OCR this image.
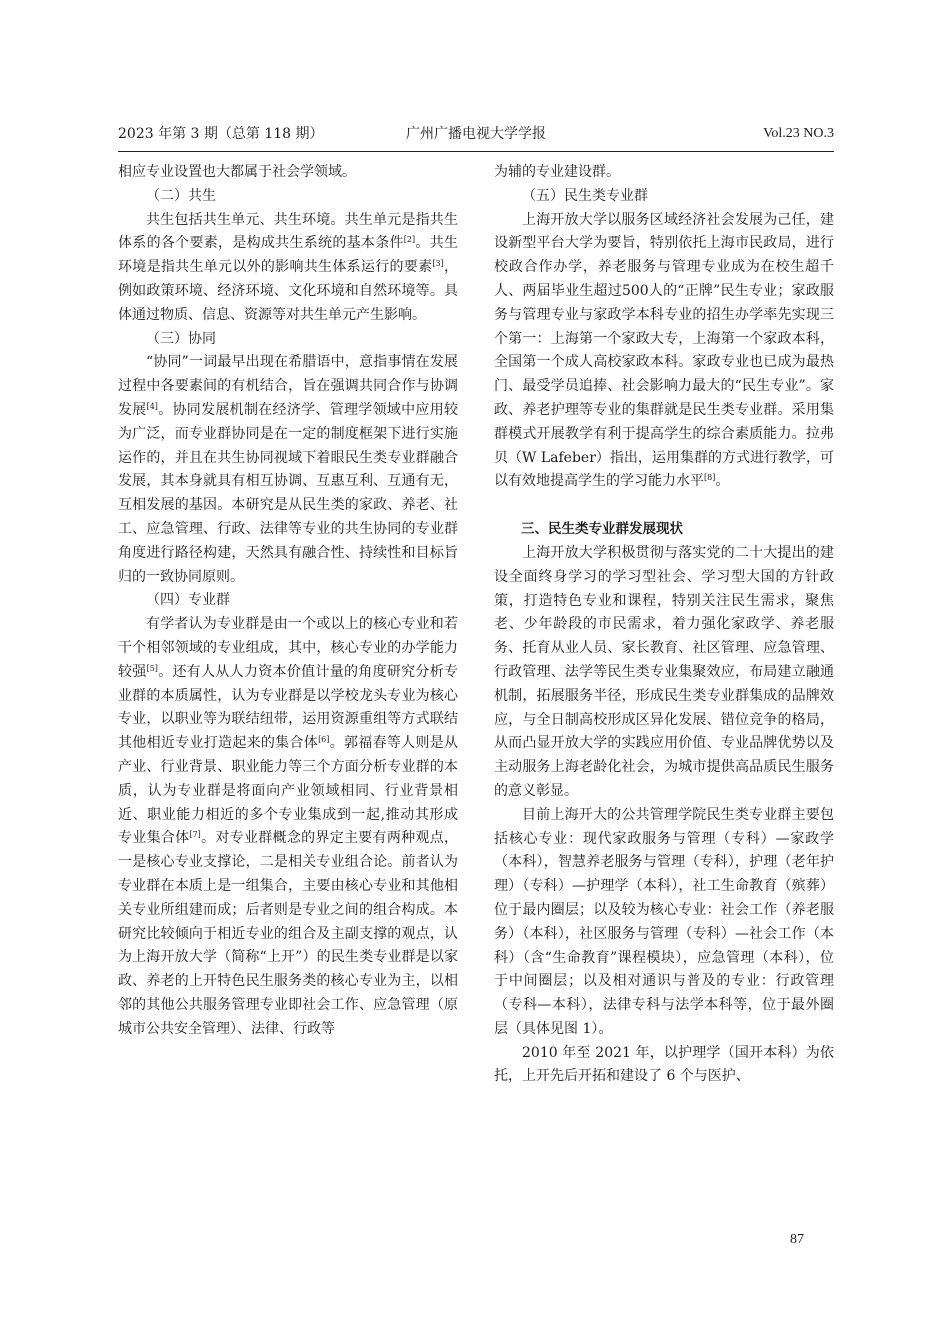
2023 年第 3 期（总第 118 期）	广州广播电视大学学报	Vol.23 NO.3

相应专业设置也大都属于社会学领域。

（二）共生

共生包括共生单元、共生环境。共生单元是指共生体系的各个要素，是构成共生系统的基本条件[2]。共生环境是指共生单元以外的影响共生体系运行的要素[3]，例如政策环境、经济环境、文化环境和自然环境等。具体通过物质、信息、资源等对共生单元产生影响。

（三）协同

“协同”一词最早出现在希腊语中，意指事情在发展过程中各要素间的有机结合，旨在强调共同合作与协调发展[4]。协同发展机制在经济学、管理学领域中应用较为广泛，而专业群协同是在一定的制度框架下进行实施运作的，并且在共生协同视域下着眼民生类专业群融合发展，其本身就具有相互协调、互惠互利、互通有无，互相发展的基因。本研究是从民生类的家政、养老、社工、应急管理、行政、法律等专业的共生协同的专业群角度进行路径构建，天然具有融合性、持续性和目标旨归的一致协同原则。

（四）专业群

有学者认为专业群是由一个或以上的核心专业和若干个相邻领域的专业组成，其中，核心专业的办学能力较强[5]。还有人从人力资本价值计量的角度研究分析专业群的本质属性，认为专业群是以学校龙头专业为核心专业，以职业等为联结纽带，运用资源重组等方式联结其他相近专业打造起来的集合体[6]。郭福春等人则是从产业、行业背景、职业能力等三个方面分析专业群的本质，认为专业群是将面向产业领域相同、行业背景相近、职业能力相近的多个专业集成到一起,推动其形成专业集合体[7]。对专业群概念的界定主要有两种观点，一是核心专业支撑论，二是相关专业组合论。前者认为专业群在本质上是一组集合，主要由核心专业和其他相关专业所组建而成；后者则是专业之间的组合构成。本研究比较倾向于相近专业的组合及主副支撑的观点，认为上海开放大学（简称“上开”）的民生类专业群是以家政、养老的上开特色民生服务类的核心专业为主，以相邻的其他公共服务管理专业即社会工作、应急管理（原城市公共安全管理）、法律、行政等

为辅的专业建设群。

（五）民生类专业群

上海开放大学以服务区域经济社会发展为己任，建设新型平台大学为要旨，特别依托上海市民政局，进行校政合作办学，养老服务与管理专业成为在校生超千人、两届毕业生超过500人的“正牌”民生专业；家政服务与管理专业与家政学本科专业的招生办学率先实现三个第一：上海第一个家政大专，上海第一个家政本科，全国第一个成人高校家政本科。家政专业也已成为最热门、最受学员追捧、社会影响力最大的“民生专业”。家政、养老护理等专业的集群就是民生类专业群。采用集群模式开展教学有利于提高学生的综合素质能力。拉弗贝（W Lafeber）指出，运用集群的方式进行教学，可以有效地提高学生的学习能力水平[8]。

三、民生类专业群发展现状

上海开放大学积极贯彻与落实党的二十大提出的建设全面终身学习的学习型社会、学习型大国的方针政策，打造特色专业和课程，特别关注民生需求，聚焦老、少年龄段的市民需求，着力强化家政学、养老服务、托育从业人员、家长教育、社区管理、应急管理、行政管理、法学等民生类专业集聚效应，布局建立融通机制，拓展服务半径，形成民生类专业群集成的品牌效应，与全日制高校形成区异化发展、错位竞争的格局，从而凸显开放大学的实践应用价值、专业品牌优势以及主动服务上海老龄化社会，为城市提供高品质民生服务的意义彰显。

目前上海开大的公共管理学院民生类专业群主要包括核心专业：现代家政服务与管理（专科）—家政学（本科），智慧养老服务与管理（专科），护理（老年护理）（专科）—护理学（本科），社工生命教育（殡葬）位于最内圈层；以及较为核心专业：社会工作（养老服务）（本科），社区服务与管理（专科）—社会工作（本科）（含“生命教育”课程模块），应急管理（本科），位于中间圈层；以及相对通识与普及的专业：行政管理（专科—本科），法律专科与法学本科等，位于最外圈层（具体见图 1）。

2010 年至 2021 年，以护理学（国开本科）为依托，上开先后开拓和建设了 6 个与医护、

87
